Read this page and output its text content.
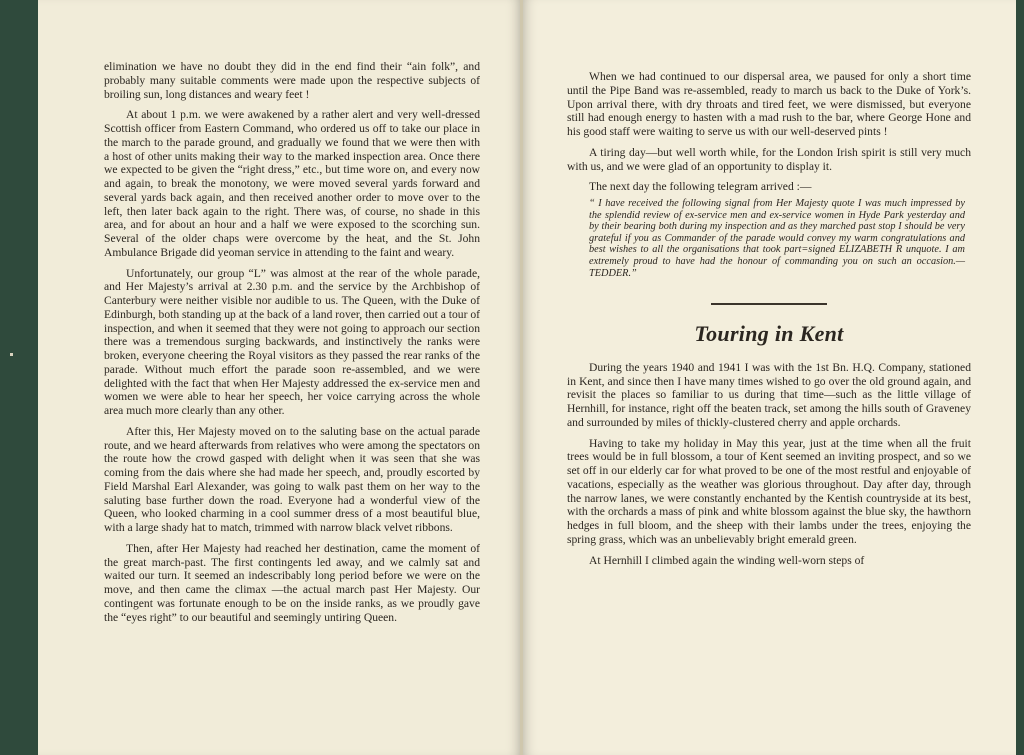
elimination we have no doubt they did in the end find their “ain folk”, and probably many suitable comments were made upon the respective subjects of broiling sun, long distances and weary feet !

At about 1 p.m. we were awakened by a rather alert and very well-dressed Scottish officer from Eastern Command, who ordered us off to take our place in the march to the parade ground, and gradually we found that we were then with a host of other units making their way to the marked inspection area. Once there we expected to be given the “right dress,” etc., but time wore on, and every now and again, to break the monotony, we were moved several yards forward and several yards back again, and then received another order to move over to the left, then later back again to the right. There was, of course, no shade in this area, and for about an hour and a half we were exposed to the scorching sun. Several of the older chaps were overcome by the heat, and the St. John Ambulance Brigade did yeoman service in attending to the faint and weary.

Unfortunately, our group “L” was almost at the rear of the whole parade, and Her Majesty’s arrival at 2.30 p.m. and the service by the Archbishop of Canterbury were neither visible nor audible to us. The Queen, with the Duke of Edinburgh, both standing up at the back of a land rover, then carried out a tour of inspection, and when it seemed that they were not going to approach our section there was a tremendous surging backwards, and instinctively the ranks were broken, everyone cheering the Royal visitors as they passed the rear ranks of the parade. Without much effort the parade soon re-assembled, and we were delighted with the fact that when Her Majesty addressed the ex-service men and women we were able to hear her speech, her voice carrying across the whole area much more clearly than any other.

After this, Her Majesty moved on to the saluting base on the actual parade route, and we heard afterwards from relatives who were among the spectators on the route how the crowd gasped with delight when it was seen that she was coming from the dais where she had made her speech, and, proudly escorted by Field Marshal Earl Alexander, was going to walk past them on her way to the saluting base further down the road. Everyone had a wonderful view of the Queen, who looked charming in a cool summer dress of a most beautiful blue, with a large shady hat to match, trimmed with narrow black velvet ribbons.

Then, after Her Majesty had reached her destination, came the moment of the great march-past. The first contingents led away, and we calmly sat and waited our turn. It seemed an indescribably long period before we were on the move, and then came the climax —the actual march past Her Majesty. Our contingent was fortunate enough to be on the inside ranks, as we proudly gave the “eyes right” to our beautiful and seemingly untiring Queen.

When we had continued to our dispersal area, we paused for only a short time until the Pipe Band was re-assembled, ready to march us back to the Duke of York’s. Upon arrival there, with dry throats and tired feet, we were dismissed, but everyone still had enough energy to hasten with a mad rush to the bar, where George Hone and his good staff were waiting to serve us with our well-deserved pints !

A tiring day—but well worth while, for the London Irish spirit is still very much with us, and we were glad of an opportunity to display it.

The next day the following telegram arrived :—

“ I have received the following signal from Her Majesty quote I was much impressed by the splendid review of ex-service men and ex-service women in Hyde Park yesterday and by their bearing both during my inspection and as they marched past stop I should be very grateful if you as Commander of the parade would convey my warm congratulations and best wishes to all the organisations that took part=signed ELIZABETH R unquote. I am extremely proud to have had the honour of commanding you on such an occasion.—TEDDER.”
Touring in Kent

During the years 1940 and 1941 I was with the 1st Bn. H.Q. Company, stationed in Kent, and since then I have many times wished to go over the old ground again, and revisit the places so familiar to us during that time—such as the little village of Hernhill, for instance, right off the beaten track, set among the hills south of Graveney and surrounded by miles of thickly-clustered cherry and apple orchards.

Having to take my holiday in May this year, just at the time when all the fruit trees would be in full blossom, a tour of Kent seemed an inviting prospect, and so we set off in our elderly car for what proved to be one of the most restful and enjoyable of vacations, especially as the weather was glorious throughout. Day after day, through the narrow lanes, we were constantly enchanted by the Kentish countryside at its best, with the orchards a mass of pink and white blossom against the blue sky, the hawthorn hedges in full bloom, and the sheep with their lambs under the trees, enjoying the spring grass, which was an unbelievably bright emerald green.

At Hernhill I climbed again the winding well-worn steps of
